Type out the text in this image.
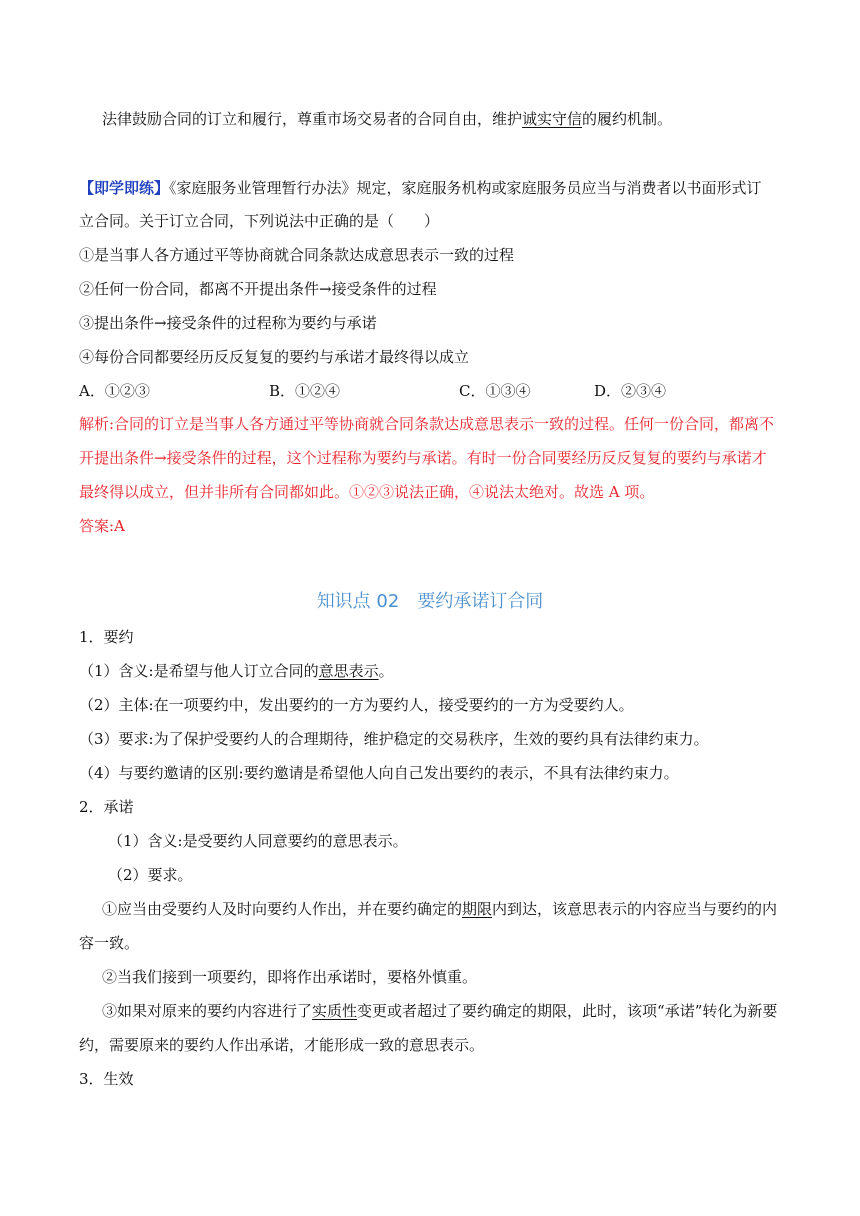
法律鼓励合同的订立和履行，尊重市场交易者的合同自由，维护诚实守信的履约机制。
【即学即练】《家庭服务业管理暂行办法》规定，家庭服务机构或家庭服务员应当与消费者以书面形式订
立合同。关于订立合同，下列说法中正确的是（　　）
①是当事人各方通过平等协商就合同条款达成意思表示一致的过程
②任何一份合同，都离不开提出条件→接受条件的过程
③提出条件→接受条件的过程称为要约与承诺
④每份合同都要经历反反复复的要约与承诺才最终得以成立
A．①②③	B．①②④	C．①③④	D．②③④
解析:合同的订立是当事人各方通过平等协商就合同条款达成意思表示一致的过程。任何一份合同，都离不
开提出条件→接受条件的过程，这个过程称为要约与承诺。有时一份合同要经历反反复复的要约与承诺才
最终得以成立，但并非所有合同都如此。①②③说法正确，④说法太绝对。故选 A 项。
答案:A
知识点 02　要约承诺订合同
1．要约
（1）含义:是希望与他人订立合同的意思表示。
（2）主体:在一项要约中，发出要约的一方为要约人，接受要约的一方为受要约人。
（3）要求:为了保护受要约人的合理期待，维护稳定的交易秩序，生效的要约具有法律约束力。
（4）与要约邀请的区别:要约邀请是希望他人向自己发出要约的表示，不具有法律约束力。
2．承诺
（1）含义:是受要约人同意要约的意思表示。
（2）要求。
①应当由受要约人及时向要约人作出，并在要约确定的期限内到达，该意思表示的内容应当与要约的内
容一致。
②当我们接到一项要约，即将作出承诺时，要格外慎重。
③如果对原来的要约内容进行了实质性变更或者超过了要约确定的期限，此时，该项“承诺”转化为新要
约，需要原来的要约人作出承诺，才能形成一致的意思表示。
3．生效
